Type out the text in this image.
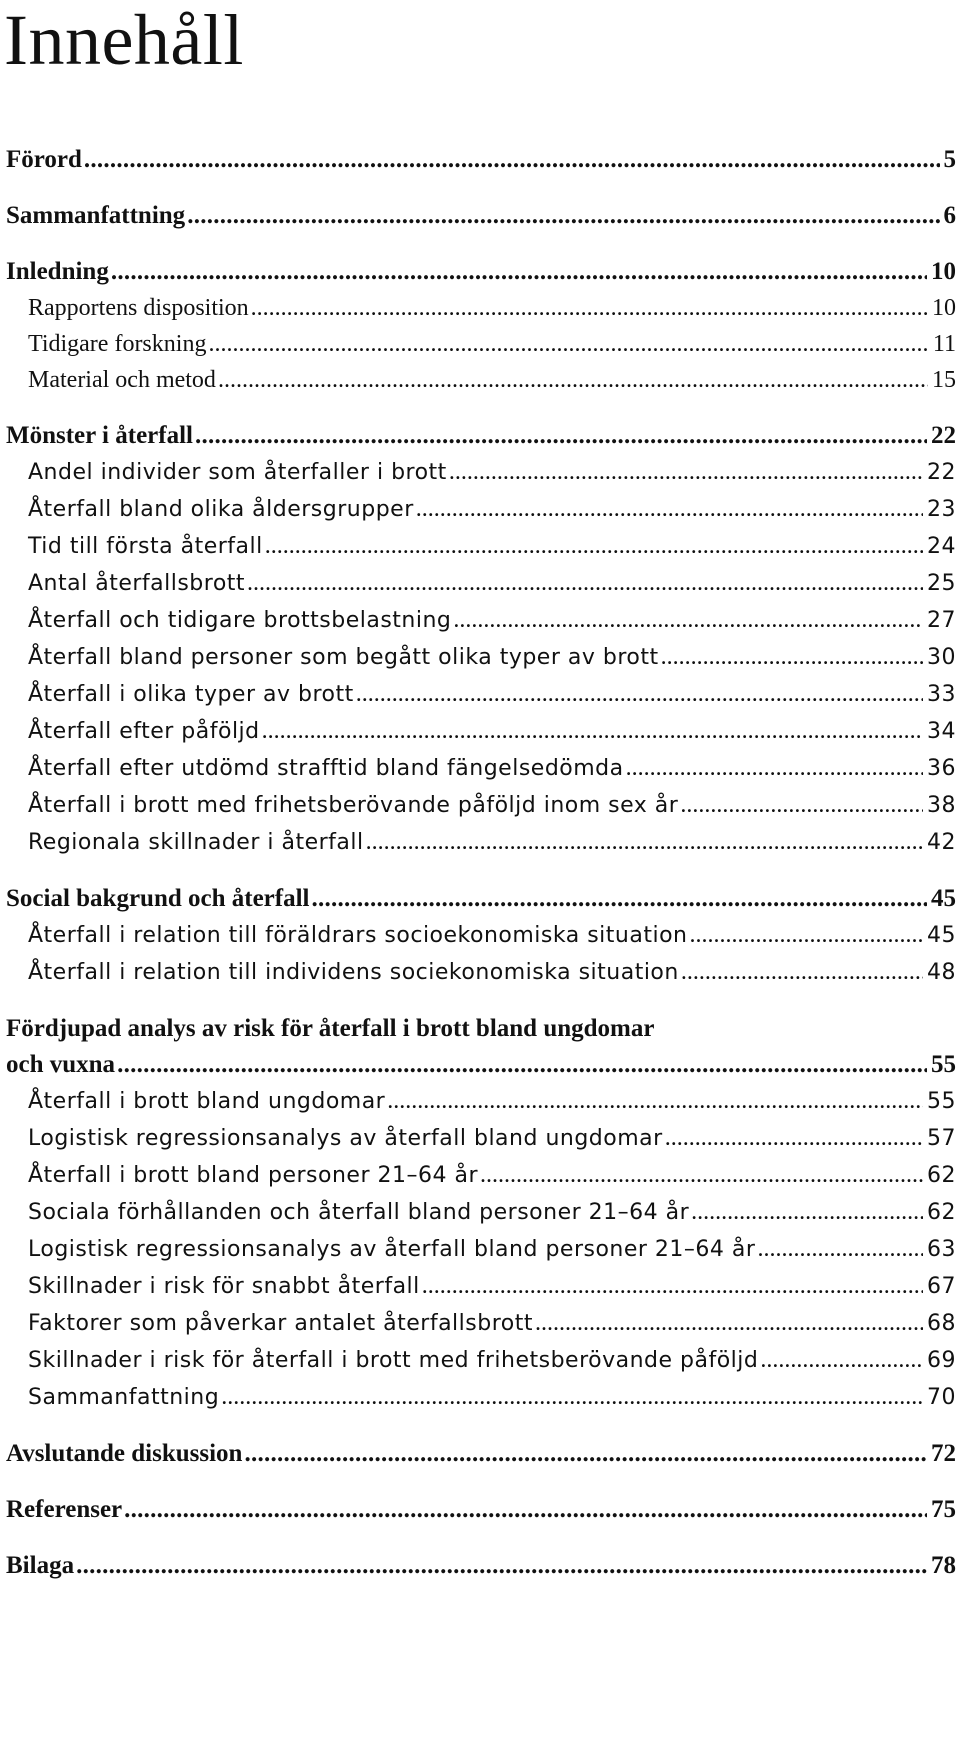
Innehåll
Förord . . .	5
Sammanfattning . . .	6
Inledning . . .	10
Rapportens disposition . . .	10
Tidigare forskning . . .	11
Material och metod . . .	15
Mönster i återfall . . .	22
Andel individer som återfaller i brott . . .	22
Återfall bland olika åldersgrupper . . .	23
Tid till första återfall . . .	24
Antal återfallsbrott . . .	25
Återfall och tidigare brottsbelastning . . .	27
Återfall bland personer som begått olika typer av brott . . .	30
Återfall i olika typer av brott . . .	33
Återfall efter påföljd . . .	34
Återfall efter utdömd strafftid bland fängelsedömda . . .	36
Återfall i brott med frihetsberövande påföljd inom sex år . . .	38
Regionala skillnader i återfall . . .	42
Social bakgrund och återfall . . .	45
Återfall i relation till föräldrars socioekonomiska situation . . .	45
Återfall i relation till individens sociekonomiska situation . . .	48
Fördjupad analys av risk för återfall i brott bland ungdomar
och vuxna . . .	55
Återfall i brott bland ungdomar . . .	55
Logistisk regressionsanalys av återfall bland ungdomar . . .	57
Återfall i brott bland personer 21–64 år . . .	62
Sociala förhållanden och återfall bland personer 21–64 år . . .	62
Logistisk regressionsanalys av återfall bland personer 21–64 år . . .	63
Skillnader i risk för snabbt återfall . . .	67
Faktorer som påverkar antalet återfallsbrott . . .	68
Skillnader i risk för återfall i brott med frihetsberövande påföljd . . .	69
Sammanfattning . . .	70
Avslutande diskussion . . .	72
Referenser . . .	75
Bilaga . . .	78
